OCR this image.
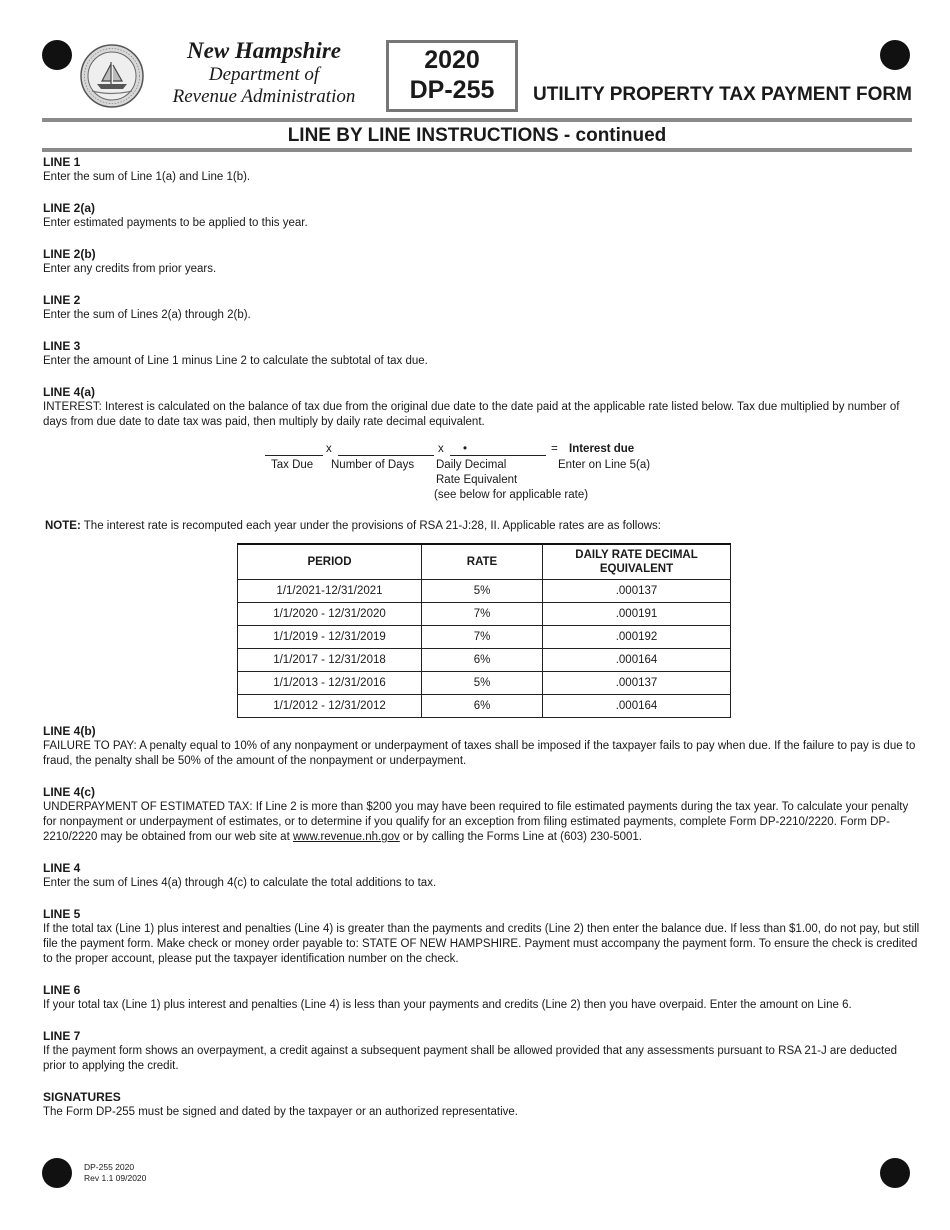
New Hampshire
Department of
Revenue Administration
2020
DP-255	UTILITY PROPERTY TAX PAYMENT FORM
LINE BY LINE INSTRUCTIONS - continued
LINE 1

Enter the sum of Line 1(a) and Line 1(b).

LINE 2(a)

Enter estimated payments to be applied to this year.

LINE 2(b)

Enter any credits from prior years.

LINE 2

Enter the sum of Lines 2(a) through 2(b).

LINE 3

Enter the amount of Line 1 minus Line 2 to calculate the subtotal of tax due.

LINE 4(a)

INTEREST: Interest is calculated on the balance of tax due from the original due date to the date paid at the applicable rate listed below. Tax due multiplied by number of days from due date to date tax was paid, then multiply by daily rate decimal equivalent.

x	x •	= Interest due
Tax Due Number of Days Daily Decimal
Rate Equivalent
(see below for applicable rate)
Enter on Line 5(a)
NOTE: The interest rate is recomputed each year under the provisions of RSA 21-J:28, II. Applicable rates are as follows:
PERIOD	RATE	DAILY RATE DECIMAL EQUIVALENT
1/1/2021-12/31/2021	5%	.000137
1/1/2020 - 12/31/2020	7%	.000191
1/1/2019 - 12/31/2019	7%	.000192
1/1/2017 - 12/31/2018	6%	.000164
1/1/2013 - 12/31/2016	5%	.000137
1/1/2012 - 12/31/2012	6%	.000164
LINE 4(b)

FAILURE TO PAY: A penalty equal to 10% of any nonpayment or underpayment of taxes shall be imposed if the taxpayer fails to pay when due. If the failure to pay is due to fraud, the penalty shall be 50% of the amount of the nonpayment or underpayment.

LINE 4(c)

UNDERPAYMENT OF ESTIMATED TAX: If Line 2 is more than $200 you may have been required to file estimated payments during the tax year. To calculate your penalty for nonpayment or underpayment of estimates, or to determine if you qualify for an exception from filing estimated payments, complete Form DP-2210/2220. Form DP-2210/2220 may be obtained from our web site at www.revenue.nh.gov or by calling the Forms Line at (603) 230-5001.

LINE 4

Enter the sum of Lines 4(a) through 4(c) to calculate the total additions to tax.

LINE 5

If the total tax (Line 1) plus interest and penalties (Line 4) is greater than the payments and credits (Line 2) then enter the balance due. If less than $1.00, do not pay, but still file the payment form. Make check or money order payable to: STATE OF NEW HAMPSHIRE. Payment must accompany the payment form. To ensure the check is credited to the proper account, please put the taxpayer identification number on the check.

LINE 6

If your total tax (Line 1) plus interest and penalties (Line 4) is less than your payments and credits (Line 2) then you have overpaid. Enter the amount on Line 6.

LINE 7

If the payment form shows an overpayment, a credit against a subsequent payment shall be allowed provided that any assessments pursuant to RSA 21-J are deducted prior to applying the credit.

SIGNATURES

The Form DP-255 must be signed and dated by the taxpayer or an authorized representative.

DP-255 2020
Rev 1.1 09/2020
